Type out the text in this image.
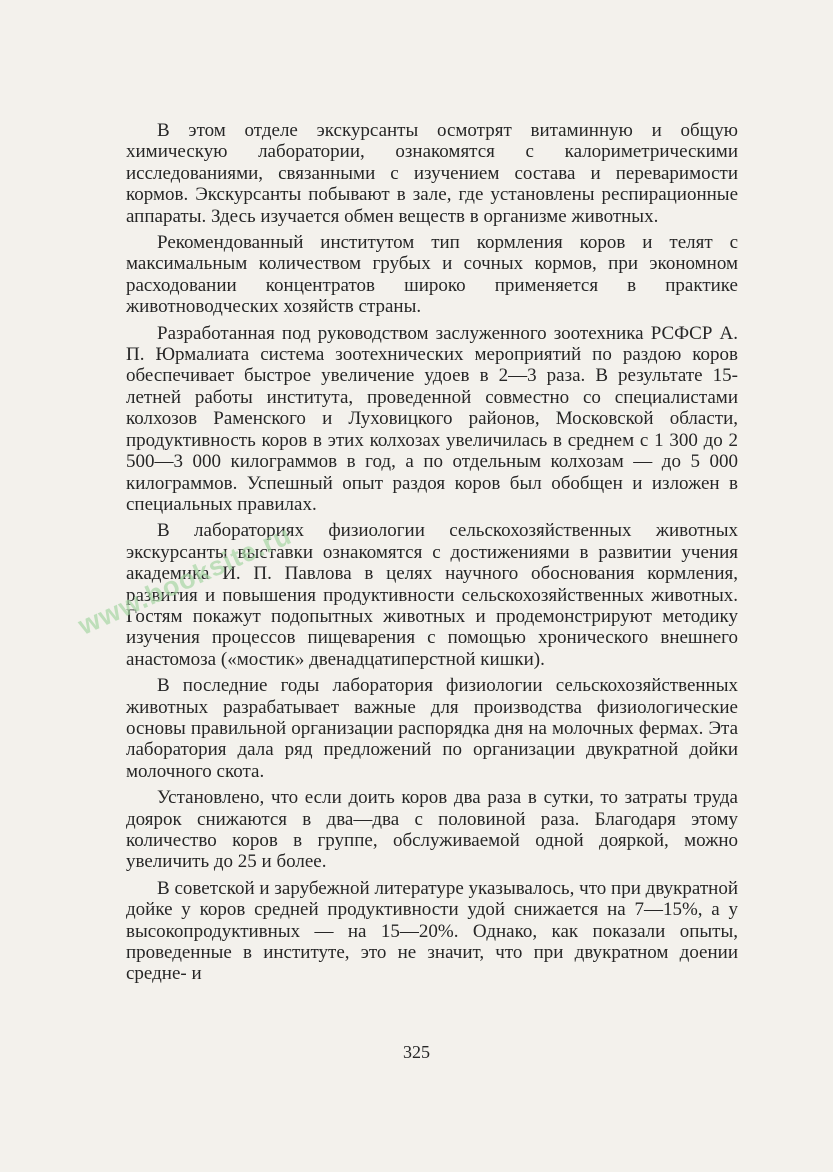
В этом отделе экскурсанты осмотрят витаминную и общую химическую лаборатории, ознакомятся с калориметрическими исследованиями, связанными с изучением состава и переваримости кормов. Экскурсанты побывают в зале, где установлены респирационные аппараты. Здесь изучается обмен веществ в организме животных.

Рекомендованный институтом тип кормления коров и телят с максимальным количеством грубых и сочных кормов, при экономном расходовании концентратов широко применяется в практике животноводческих хозяйств страны.

Разработанная под руководством заслуженного зоотехника РСФСР А. П. Юрмалиата система зоотехнических мероприятий по раздою коров обеспечивает быстрое увеличение удоев в 2—3 раза. В результате 15-летней работы института, проведенной совместно со специалистами колхозов Раменского и Луховицкого районов, Московской области, продуктивность коров в этих колхозах увеличилась в среднем с 1 300 до 2 500—3 000 килограммов в год, а по отдельным колхозам — до 5 000 килограммов. Успешный опыт раздоя коров был обобщен и изложен в специальных правилах.

В лабораториях физиологии сельскохозяйственных животных экскурсанты выставки ознакомятся с достижениями в развитии учения академика И. П. Павлова в целях научного обоснования кормления, развития и повышения продуктивности сельскохозяйственных животных. Гостям покажут подопытных животных и продемонстрируют методику изучения процессов пищеварения с помощью хронического внешнего анастомоза («мостик» двенадцатиперстной кишки).

В последние годы лаборатория физиологии сельскохозяйственных животных разрабатывает важные для производства физиологические основы правильной организации распорядка дня на молочных фермах. Эта лаборатория дала ряд предложений по организации двукратной дойки молочного скота.

Установлено, что если доить коров два раза в сутки, то затраты труда доярок снижаются в два—два с половиной раза. Благодаря этому количество коров в группе, обслуживаемой одной дояркой, можно увеличить до 25 и более.

В советской и зарубежной литературе указывалось, что при двукратной дойке у коров средней продуктивности удой снижается на 7—15%, а у высокопродуктивных — на 15—20%. Однако, как показали опыты, проведенные в институте, это не значит, что при двукратном доении средне- и

325
www.booksite.ru
